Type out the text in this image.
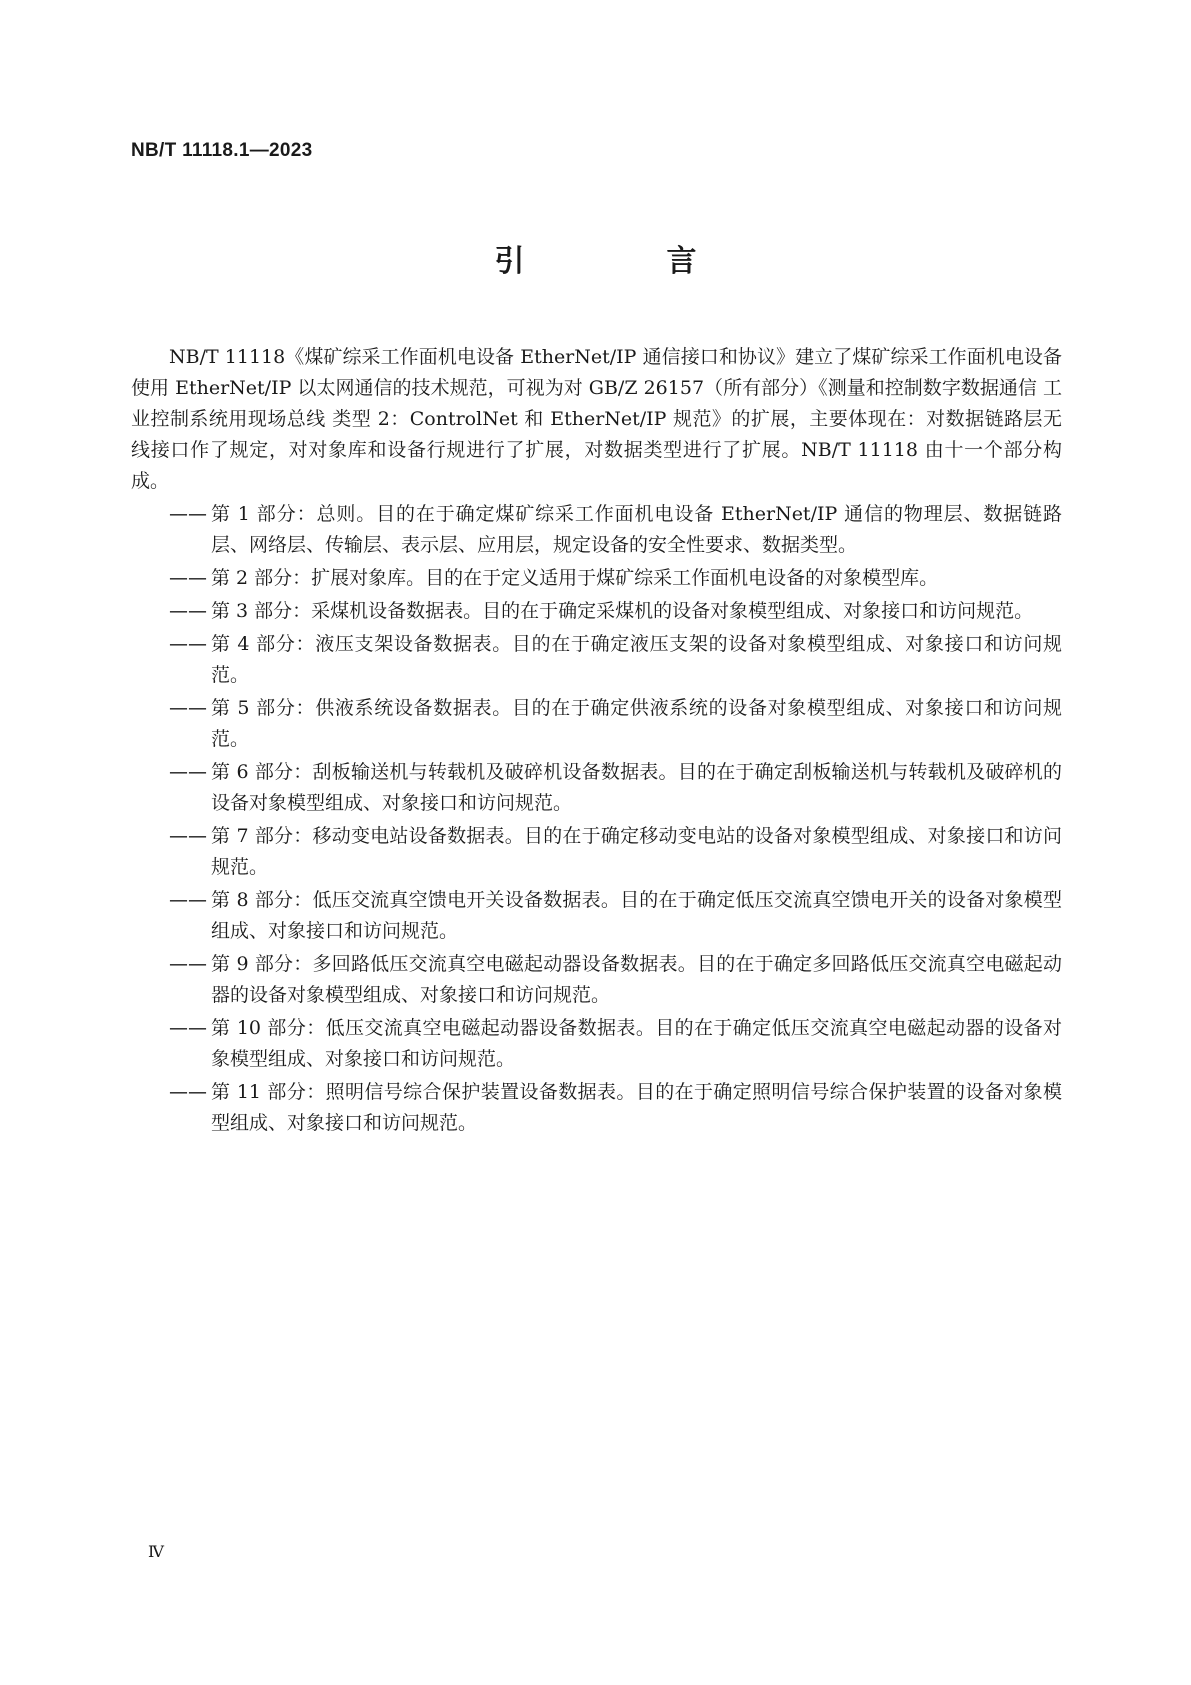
NB/T 11118.1—2023

引　言

NB/T 11118《煤矿综采工作面机电设备 EtherNet/IP 通信接口和协议》建立了煤矿综采工作面机电设备使用 EtherNet/IP 以太网通信的技术规范，可视为对 GB/Z 26157（所有部分）《测量和控制数字数据通信 工业控制系统用现场总线 类型 2：ControlNet 和 EtherNet/IP 规范》的扩展，主要体现在：对数据链路层无线接口作了规定，对对象库和设备行规进行了扩展，对数据类型进行了扩展。NB/T 11118 由十一个部分构成。

—— 第 1 部分：总则。目的在于确定煤矿综采工作面机电设备 EtherNet/IP 通信的物理层、数据链路层、网络层、传输层、表示层、应用层，规定设备的安全性要求、数据类型。
—— 第 2 部分：扩展对象库。目的在于定义适用于煤矿综采工作面机电设备的对象模型库。
—— 第 3 部分：采煤机设备数据表。目的在于确定采煤机的设备对象模型组成、对象接口和访问规范。
—— 第 4 部分：液压支架设备数据表。目的在于确定液压支架的设备对象模型组成、对象接口和访问规范。
—— 第 5 部分：供液系统设备数据表。目的在于确定供液系统的设备对象模型组成、对象接口和访问规范。
—— 第 6 部分：刮板输送机与转载机及破碎机设备数据表。目的在于确定刮板输送机与转载机及破碎机的设备对象模型组成、对象接口和访问规范。
—— 第 7 部分：移动变电站设备数据表。目的在于确定移动变电站的设备对象模型组成、对象接口和访问规范。
—— 第 8 部分：低压交流真空馈电开关设备数据表。目的在于确定低压交流真空馈电开关的设备对象模型组成、对象接口和访问规范。
—— 第 9 部分：多回路低压交流真空电磁起动器设备数据表。目的在于确定多回路低压交流真空电磁起动器的设备对象模型组成、对象接口和访问规范。
—— 第 10 部分：低压交流真空电磁起动器设备数据表。目的在于确定低压交流真空电磁起动器的设备对象模型组成、对象接口和访问规范。
—— 第 11 部分：照明信号综合保护装置设备数据表。目的在于确定照明信号综合保护装置的设备对象模型组成、对象接口和访问规范。

Ⅳ
